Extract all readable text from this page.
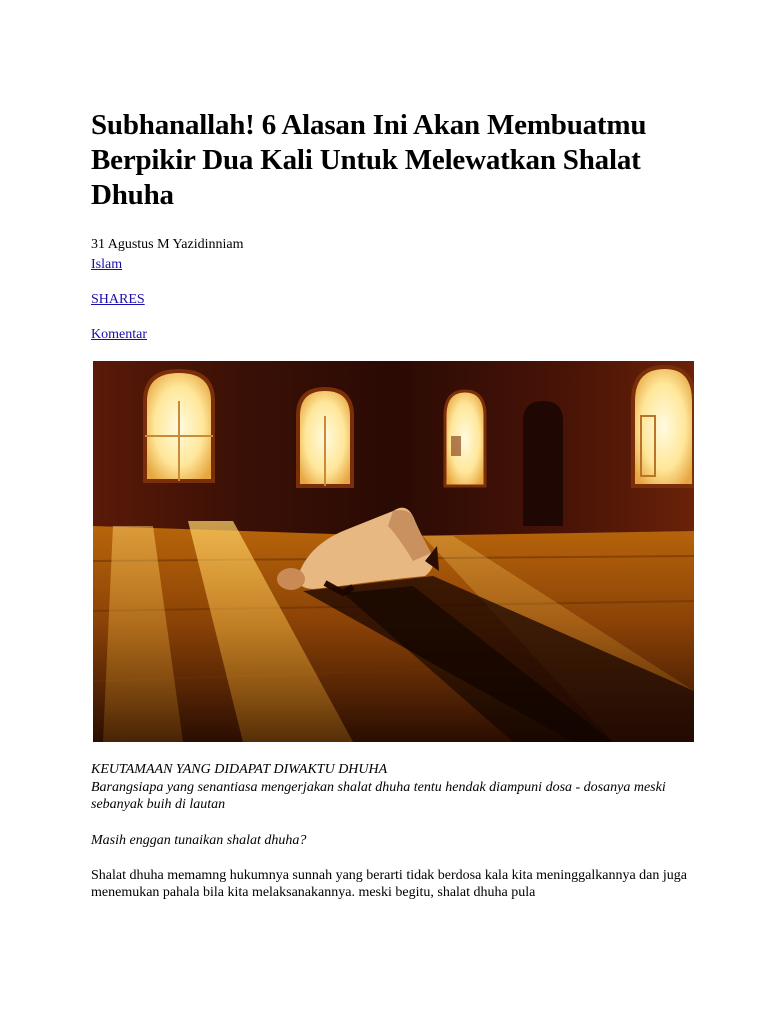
Subhanallah! 6 Alasan Ini Akan Membuatmu Berpikir Dua Kali Untuk Melewatkan Shalat Dhuha
31 Agustus M Yazidinniam
Islam
SHARES
Komentar
KEUTAMAAN YANG DIDAPAT DIWAKTU DHUHA
Barangsiapa yang senantiasa mengerjakan shalat dhuha tentu hendak diampuni dosa - dosanya meski sebanyak buih di lautan
Masih enggan tunaikan shalat dhuha?
Shalat dhuha memamng hukumnya sunnah yang berarti tidak berdosa kala kita meninggalkannya dan juga menemukan pahala bila kita melaksanakannya. meski begitu, shalat dhuha pula
